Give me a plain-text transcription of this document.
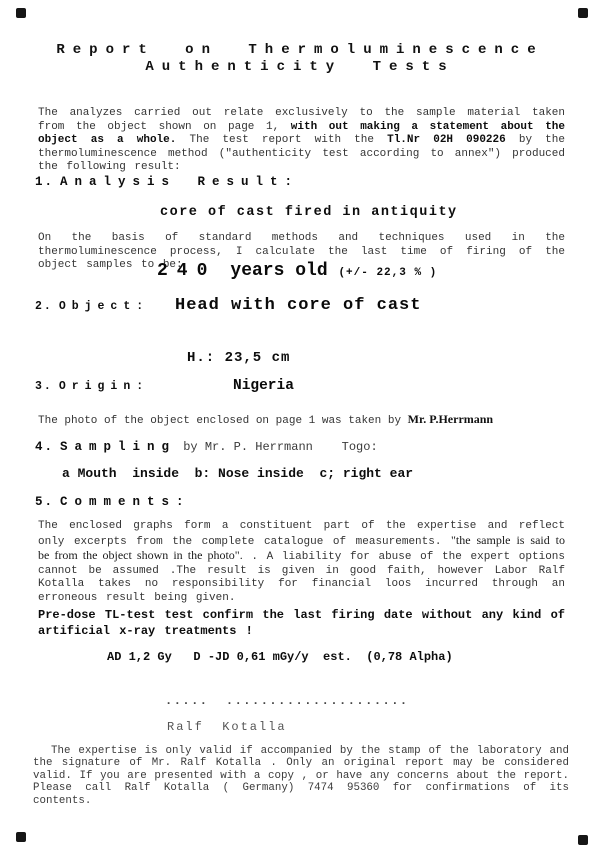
Report on Thermoluminescence
Authenticity Tests
The analyzes carried out relate exclusively to the sample material taken from the object shown on page 1, with out making a statement about the object as a whole. The test report with the Tl.Nr 02H 090226 by the thermoluminescence method ("authenticity test according to annex") produced the following result:
1. Analysis Result:
core of cast fired in antiquity
On the basis of standard methods and techniques used in the thermoluminescence process, I calculate the last time of firing of the object samples to be:
240 years old (+/- 22,3 % )
2. Object: Head with core of cast
H.: 23,5 cm
3. Origin:	Nigeria
The photo of the object enclosed on page 1 was taken by Mr. P.Herrmann
4. Sampling by Mr. P. Herrmann    Togo:
a Mouth  inside  b: Nose inside  c; right ear
5. Comments:
The enclosed graphs form a constituent part of the expertise and reflect only excerpts from the complete catalogue of measurements. "the sample is said to be from the object shown in the photo". . A liability for abuse of the expert options cannot be assumed .The result is given in good faith, however Labor Ralf Kotalla takes no responsibility for financial loos incurred through an erroneous result being given.
Pre-dose TL-test test confirm the last firing date without any kind of artificial x-ray treatments !
AD 1,2 Gy   D -JD 0,61 mGy/y  est.  (0,78 Alpha)
.....  .....................
Ralf  Kotalla
The expertise is only valid if accompanied by the stamp of the laboratory and the signature of Mr. Ralf Kotalla . Only an original report may be considered valid. If you are presented with a copy , or have any concerns about the report. Please call Ralf Kotalla ( Germany) 7474 95360 for confirmations of its contents.
